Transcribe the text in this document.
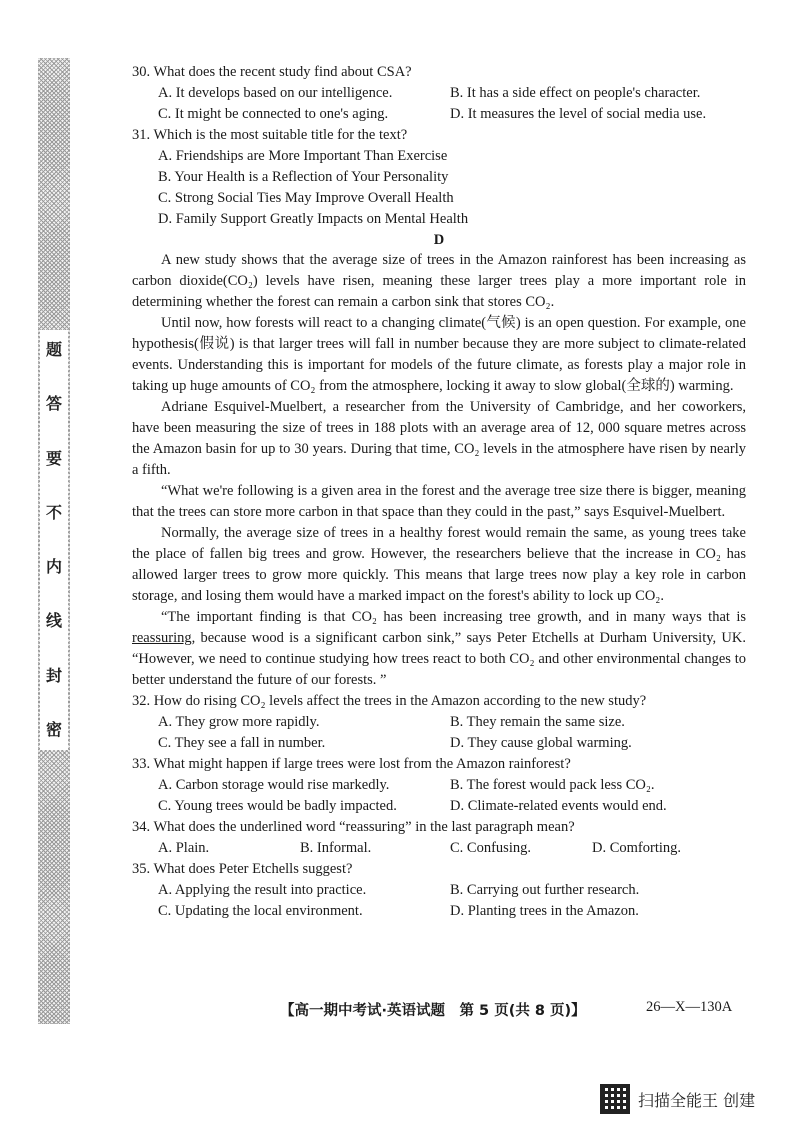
题
答
要
不
内
线
封
密
30. What does the recent study find about CSA?
A. It develops based on our intelligence.	B. It has a side effect on people's character.
C. It might be connected to one's aging.	D. It measures the level of social media use.
31. Which is the most suitable title for the text?
A. Friendships are More Important Than Exercise
B. Your Health is a Reflection of Your Personality
C. Strong Social Ties May Improve Overall Health
D. Family Support Greatly Impacts on Mental Health
D

A new study shows that the average size of trees in the Amazon rainforest has been increasing as carbon dioxide(CO₂) levels have risen, meaning these larger trees play a more important role in determining whether the forest can remain a carbon sink that stores CO₂.

Until now, how forests will react to a changing climate(气候) is an open question. For example, one hypothesis(假说) is that larger trees will fall in number because they are more subject to climate-related events. Understanding this is important for models of the future climate, as forests play a major role in taking up huge amounts of CO₂ from the atmosphere, locking it away to slow global(全球的) warming.

Adriane Esquivel-Muelbert, a researcher from the University of Cambridge, and her coworkers, have been measuring the size of trees in 188 plots with an average area of 12, 000 square metres across the Amazon basin for up to 30 years. During that time, CO₂ levels in the atmosphere have risen by nearly a fifth.

“What we're following is a given area in the forest and the average tree size there is bigger, meaning that the trees can store more carbon in that space than they could in the past,” says Esquivel-Muelbert.

Normally, the average size of trees in a healthy forest would remain the same, as young trees take the place of fallen big trees and grow. However, the researchers believe that the increase in CO₂ has allowed larger trees to grow more quickly. This means that large trees now play a key role in carbon storage, and losing them would have a marked impact on the forest's ability to lock up CO₂.

“The important finding is that CO₂ has been increasing tree growth, and in many ways that is reassuring, because wood is a significant carbon sink,” says Peter Etchells at Durham University, UK. “However, we need to continue studying how trees react to both CO₂ and other environmental changes to better understand the future of our forests. ”

32. How do rising CO₂ levels affect the trees in the Amazon according to the new study?
A. They grow more rapidly.	B. They remain the same size.
C. They see a fall in number.	D. They cause global warming.
33. What might happen if large trees were lost from the Amazon rainforest?
A. Carbon storage would rise markedly.	B. The forest would pack less CO₂.
C. Young trees would be badly impacted.	D. Climate-related events would end.
34. What does the underlined word “reassuring” in the last paragraph mean?
A. Plain.	B. Informal.	C. Confusing.	D. Comforting.
35. What does Peter Etchells suggest?
A. Applying the result into practice.	B. Carrying out further research.
C. Updating the local environment.	D. Planting trees in the Amazon.
【高一期中考试·英语试题　第 5 页(共 8 页)】	26—X—130A
扫描全能王 创建
